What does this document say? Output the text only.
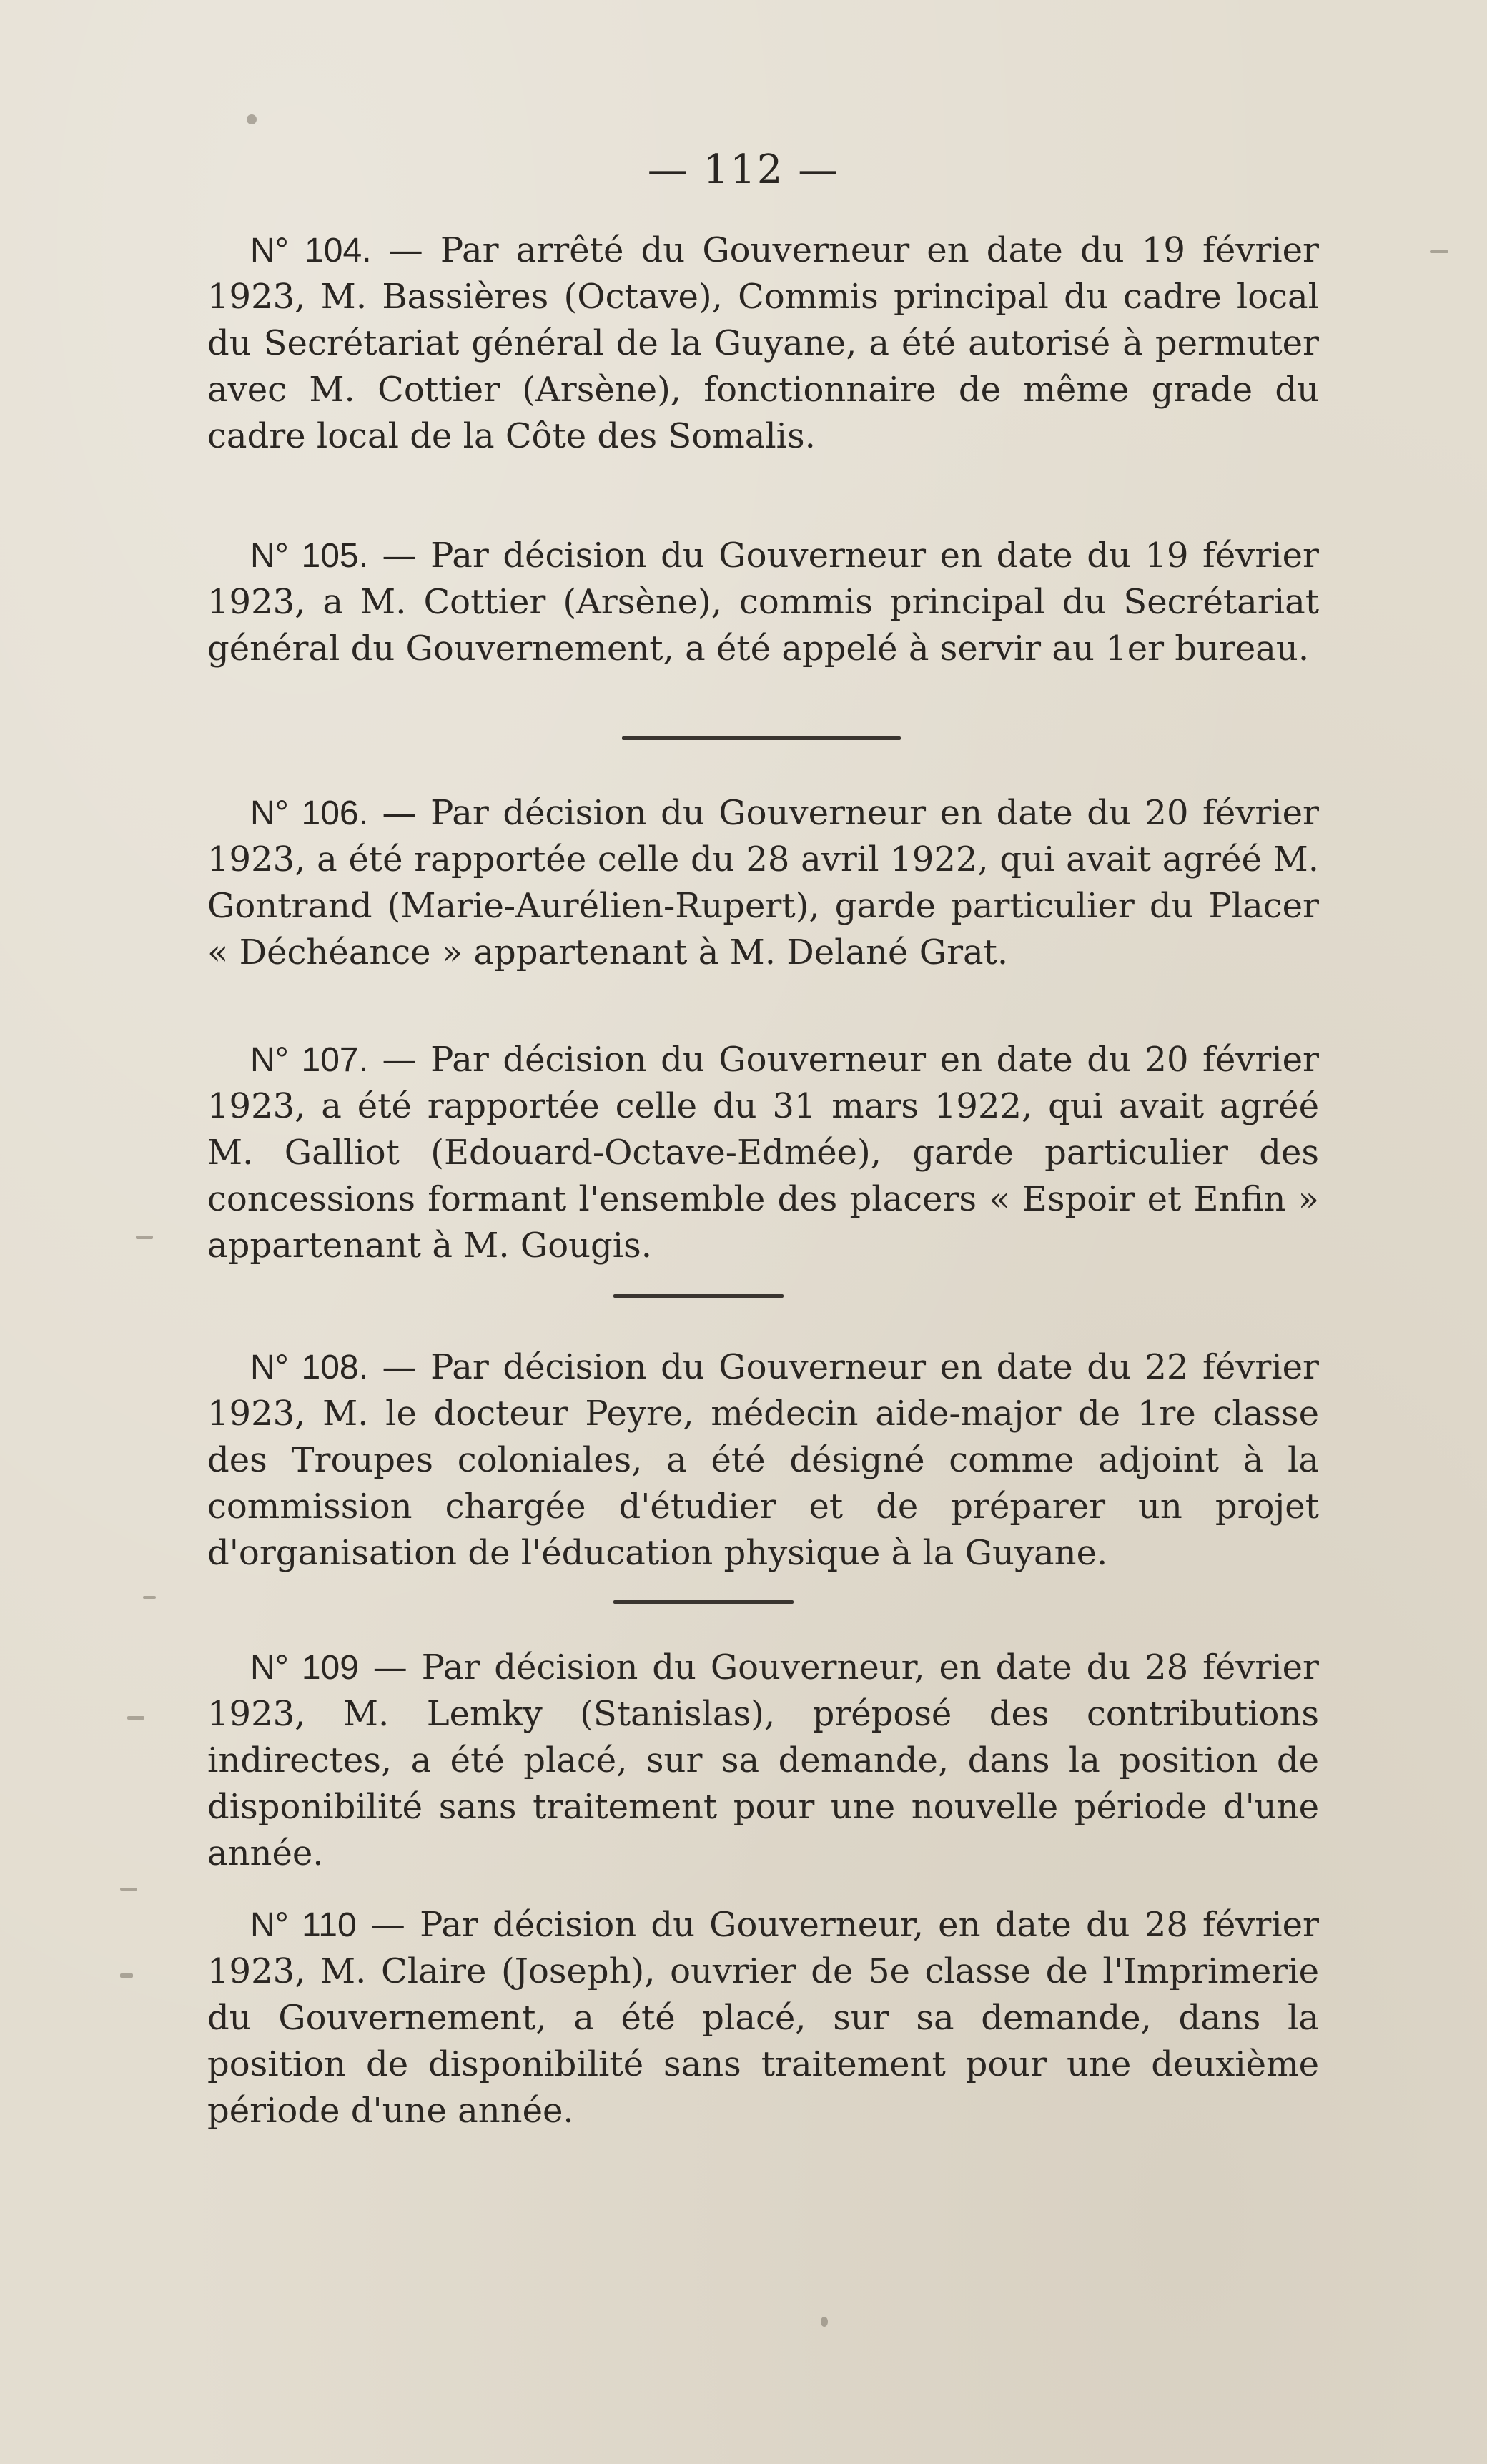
— 112 —
N° 104. — Par arrêté du Gouverneur en date du 19 février 1923, M. Bassières (Octave), Commis principal du cadre local du Secrétariat général de la Guyane, a été autorisé à permuter avec M. Cottier (Arsène), fonctionnaire de même grade du cadre local de la Côte des Somalis.
N° 105. — Par décision du Gouverneur en date du 19 février 1923, a M. Cottier (Arsène), commis principal du Secrétariat général du Gouvernement, a été appelé à servir au 1er bureau.
N° 106. — Par décision du Gouverneur en date du 20 février 1923, a été rapportée celle du 28 avril 1922, qui avait agréé M. Gontrand (Marie-Aurélien-Rupert), garde particulier du Placer « Déchéance » appartenant à M. Delané Grat.
N° 107. — Par décision du Gouverneur en date du 20 février 1923, a été rapportée celle du 31 mars 1922, qui avait agréé M. Galliot (Edouard-Octave-Edmée), garde particulier des concessions formant l'ensemble des placers « Espoir et Enfin » appartenant à M. Gougis.
N° 108. — Par décision du Gouverneur en date du 22 février 1923, M. le docteur Peyre, médecin aide-major de 1re classe des Troupes coloniales, a été désigné comme adjoint à la commission chargée d'étudier et de préparer un projet d'organisation de l'éducation physique à la Guyane.
N° 109 — Par décision du Gouverneur, en date du 28 février 1923, M. Lemky (Stanislas), préposé des contributions indirectes, a été placé, sur sa demande, dans la position de disponibilité sans traitement pour une nouvelle période d'une année.
N° 110 — Par décision du Gouverneur, en date du 28 février 1923, M. Claire (Joseph), ouvrier de 5e classe de l'Imprimerie du Gouvernement, a été placé, sur sa demande, dans la position de disponibilité sans traitement pour une deuxième période d'une année.
